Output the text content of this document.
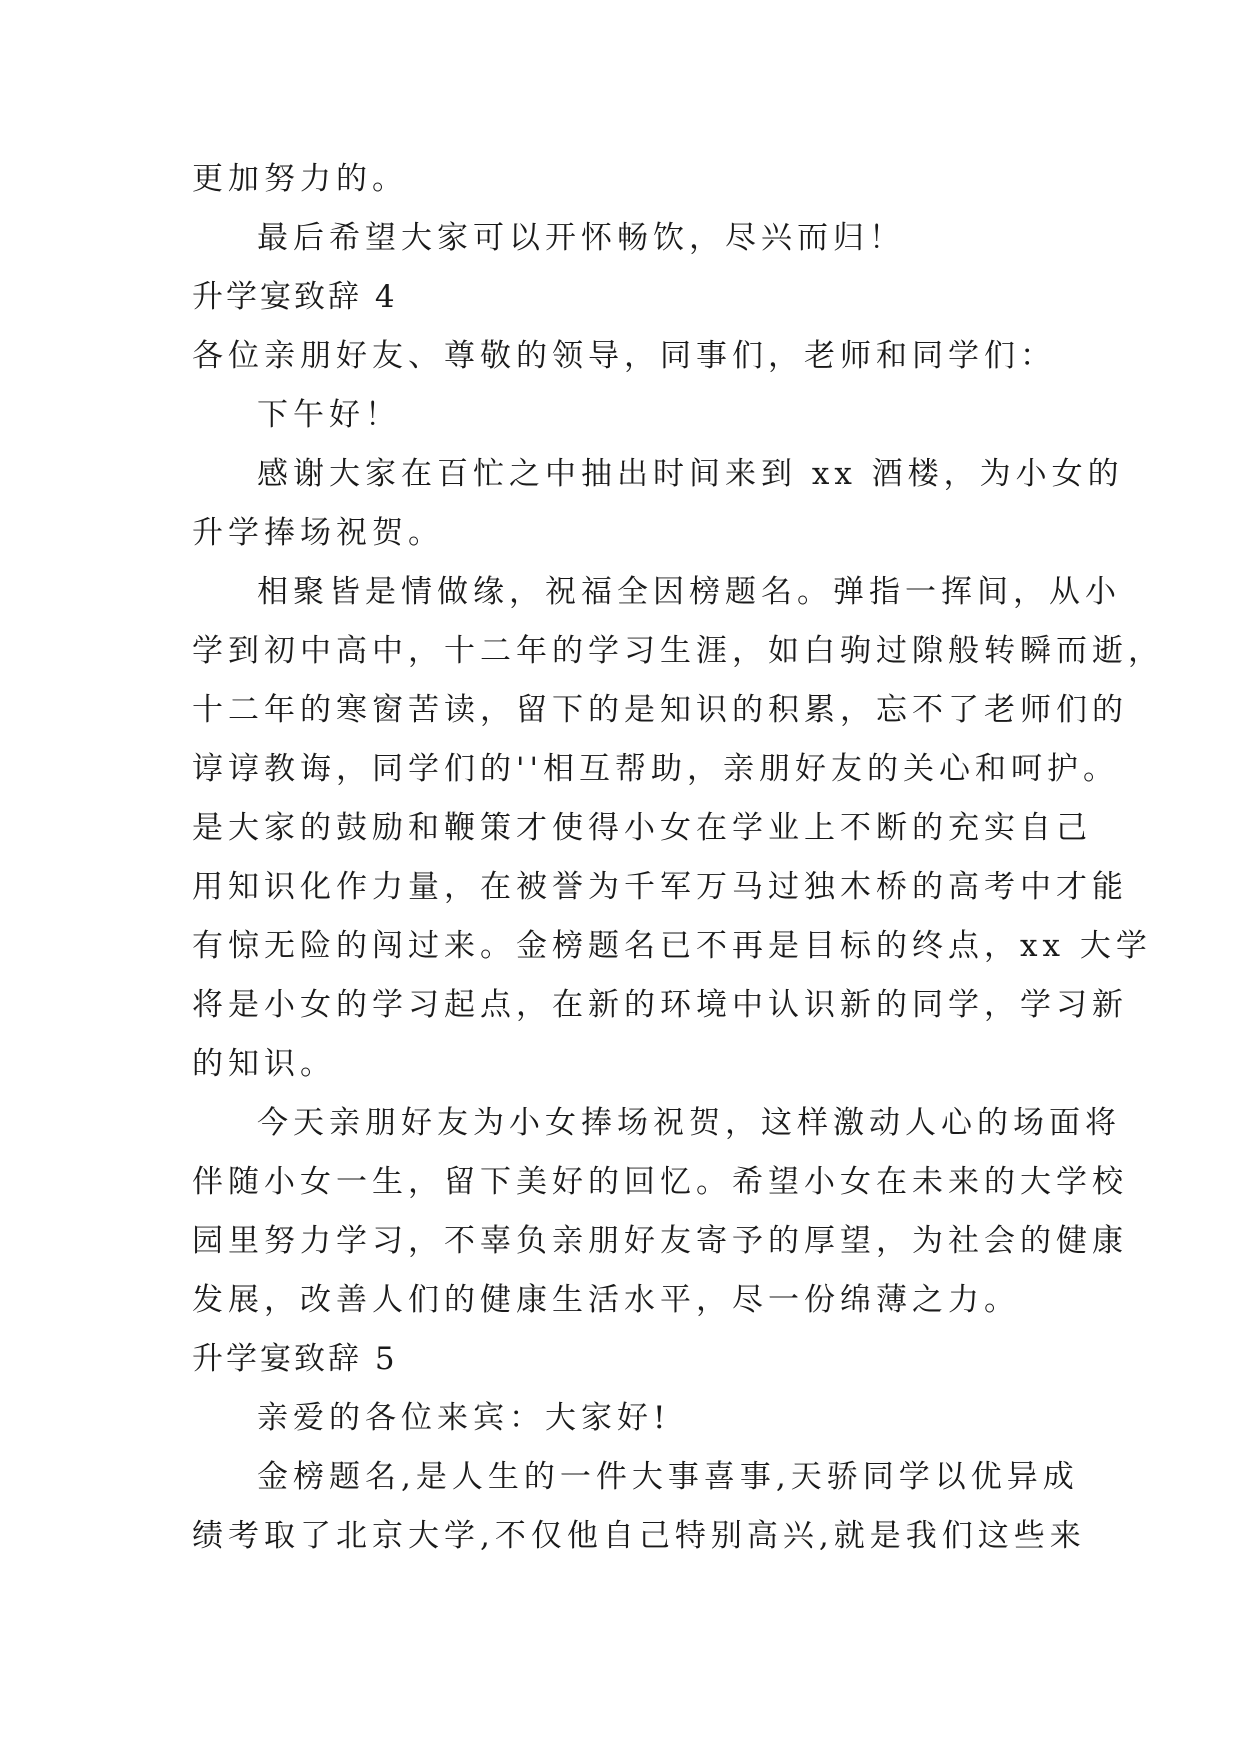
更加努力的。
最后希望大家可以开怀畅饮，尽兴而归！
升学宴致辞 4
各位亲朋好友、尊敬的领导，同事们，老师和同学们：
下午好！
感谢大家在百忙之中抽出时间来到 xx 酒楼，为小女的
升学捧场祝贺。
相聚皆是情做缘，祝福全因榜题名。弹指一挥间，从小
学到初中高中，十二年的学习生涯，如白驹过隙般转瞬而逝，
十二年的寒窗苦读，留下的是知识的积累，忘不了老师们的
谆谆教诲，同学们的''相互帮助，亲朋好友的关心和呵护。
是大家的鼓励和鞭策才使得小女在学业上不断的充实自己
用知识化作力量，在被誉为千军万马过独木桥的高考中才能
有惊无险的闯过来。金榜题名已不再是目标的终点，xx 大学
将是小女的学习起点，在新的环境中认识新的同学，学习新
的知识。
今天亲朋好友为小女捧场祝贺，这样激动人心的场面将
伴随小女一生，留下美好的回忆。希望小女在未来的大学校
园里努力学习，不辜负亲朋好友寄予的厚望，为社会的健康
发展，改善人们的健康生活水平，尽一份绵薄之力。
升学宴致辞 5
亲爱的各位来宾：大家好!
金榜题名,是人生的一件大事喜事,天骄同学以优异成
绩考取了北京大学,不仅他自己特别高兴,就是我们这些来
